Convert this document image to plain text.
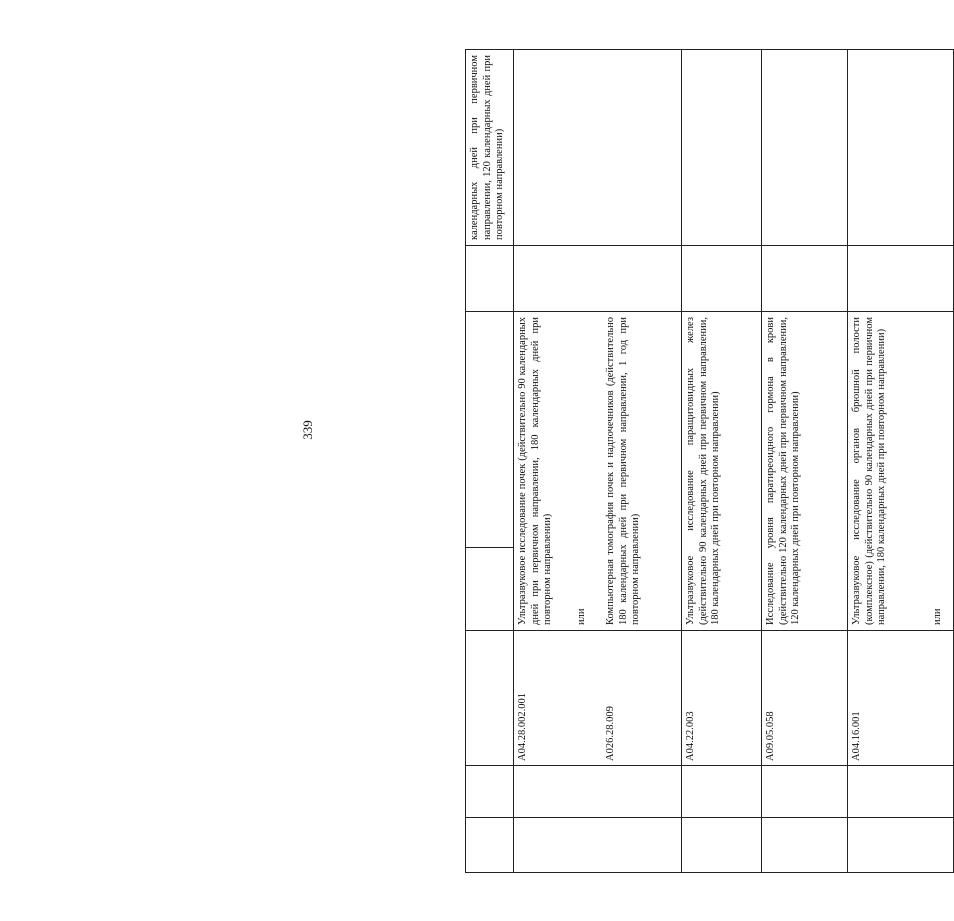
339
календарных дней при первичном направлении, 120 календарных дней при повторном направлении)
A04.28.002.001	A026.28.009
Ультразвуковое исследование почек (действительно 90 календарных дней при первичном направлении, 180 календарных дней при повторном направлении) или Компьютерная томография почек и надпочечников (действительно 180 календарных дней при первичном направлении, 1 год при повторном направлении)
A04.22.003
Ультразвуковое исследование паращитовидных желез (действительно 90 календарных дней при первичном направлении, 180 календарных дней при повторном направлении)
A09.05.058
Исследование уровня паратиреоидного гормона в крови (действительно 120 календарных дней при первичном направлении, 120 календарных дней при повторном направлении)
A04.16.001
Ультразвуковое исследование органов брюшной полости (комплексное) (действительно 90 календарных дней при первичном направлении, 180 календарных дней при повторном направлении)	или
